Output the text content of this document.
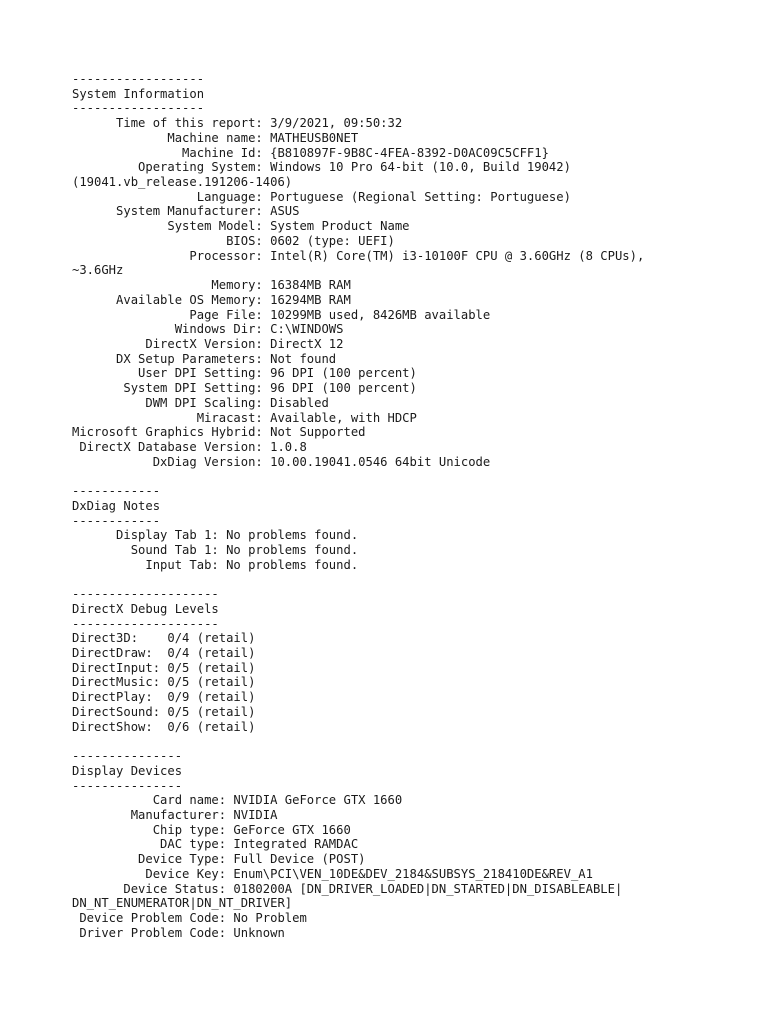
------------------
System Information
------------------
Time of this report: 3/9/2021, 09:50:32
Machine name: MATHEUSB0NET
Machine Id: {B810897F-9B8C-4FEA-8392-D0AC09C5CFF1}
Operating System: Windows 10 Pro 64-bit (10.0, Build 19042)
(19041.vb_release.191206-1406)
Language: Portuguese (Regional Setting: Portuguese)
System Manufacturer: ASUS
System Model: System Product Name
BIOS: 0602 (type: UEFI)
Processor: Intel(R) Core(TM) i3-10100F CPU @ 3.60GHz (8 CPUs),
~3.6GHz
Memory: 16384MB RAM
Available OS Memory: 16294MB RAM
Page File: 10299MB used, 8426MB available
Windows Dir: C:\WINDOWS
DirectX Version: DirectX 12
DX Setup Parameters: Not found
User DPI Setting: 96 DPI (100 percent)
System DPI Setting: 96 DPI (100 percent)
DWM DPI Scaling: Disabled
Miracast: Available, with HDCP
Microsoft Graphics Hybrid: Not Supported
DirectX Database Version: 1.0.8
DxDiag Version: 10.00.19041.0546 64bit Unicode
------------
DxDiag Notes
------------
Display Tab 1: No problems found.
Sound Tab 1: No problems found.
Input Tab: No problems found.
--------------------
DirectX Debug Levels
--------------------
Direct3D:    0/4 (retail)
DirectDraw:  0/4 (retail)
DirectInput: 0/5 (retail)
DirectMusic: 0/5 (retail)
DirectPlay:  0/9 (retail)
DirectSound: 0/5 (retail)
DirectShow:  0/6 (retail)
---------------
Display Devices
---------------
Card name: NVIDIA GeForce GTX 1660
Manufacturer: NVIDIA
Chip type: GeForce GTX 1660
DAC type: Integrated RAMDAC
Device Type: Full Device (POST)
Device Key: Enum\PCI\VEN_10DE&DEV_2184&SUBSYS_218410DE&REV_A1
Device Status: 0180200A [DN_DRIVER_LOADED|DN_STARTED|DN_DISABLEABLE|
DN_NT_ENUMERATOR|DN_NT_DRIVER]
Device Problem Code: No Problem
Driver Problem Code: Unknown
